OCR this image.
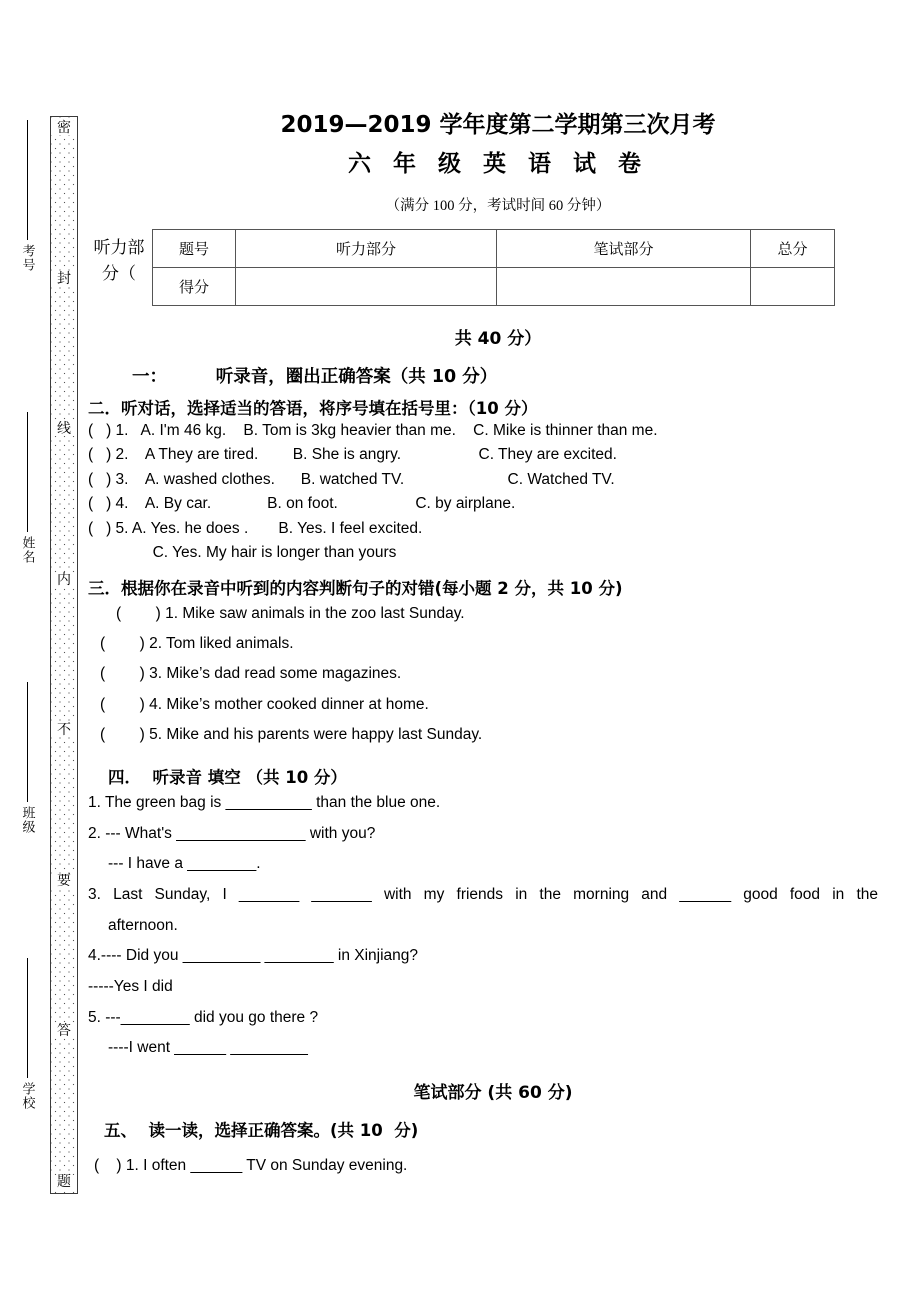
考号
姓名
班级
学校
密
封
线
内
不
要
答
题
2019—2019 学年度第二学期第三次月考
六 年 级 英 语 试 卷
（满分 100 分，考试时间 60 分钟）
听力部分（
题号	听力部分	笔试部分	总分
得分			
共 40 分）
一：        听录音，圈出正确答案（共 10 分）
二．听对话，选择适当的答语，将序号填在括号里：（10 分）
(   ) 1.   A. I'm 46 kg.    B. Tom is 3kg heavier than me.    C. Mike is thinner than me.
(   ) 2.    A They are tired.        B. She is angry.                  C. They are excited.
(   ) 3.    A. washed clothes.      B. watched TV.                        C. Watched TV.
(   ) 4.    A. By car.             B. on foot.                  C. by airplane.
(   ) 5. A. Yes. he does .       B. Yes. I feel excited.
C. Yes. My hair is longer than yours
三．根据你在录音中听到的内容判断句子的对错(每小题 2 分，共 10 分)
(        ) 1. Mike saw animals in the zoo last Sunday.
(        ) 2. Tom liked animals.
(        ) 3. Mike’s dad read some magazines.
(        ) 4. Mike’s mother cooked dinner at home.
(        ) 5. Mike and his parents were happy last Sunday.
四．  听录音 填空 （共 10 分）
1. The green bag is __________ than the blue one.
2. --- What's _______________ with you?
--- I have a ________.
3. Last Sunday, I _______ _______ with my friends in the morning and ______ good food in the
afternoon.
4.---- Did you _________ ________ in Xinjiang?
-----Yes I did
5. ---________ did you go there ?
----I went ______ _________
笔试部分 (共 60 分)
五、  读一读，选择正确答案。(共 10  分)
(    ) 1. I often ______ TV on Sunday evening.
